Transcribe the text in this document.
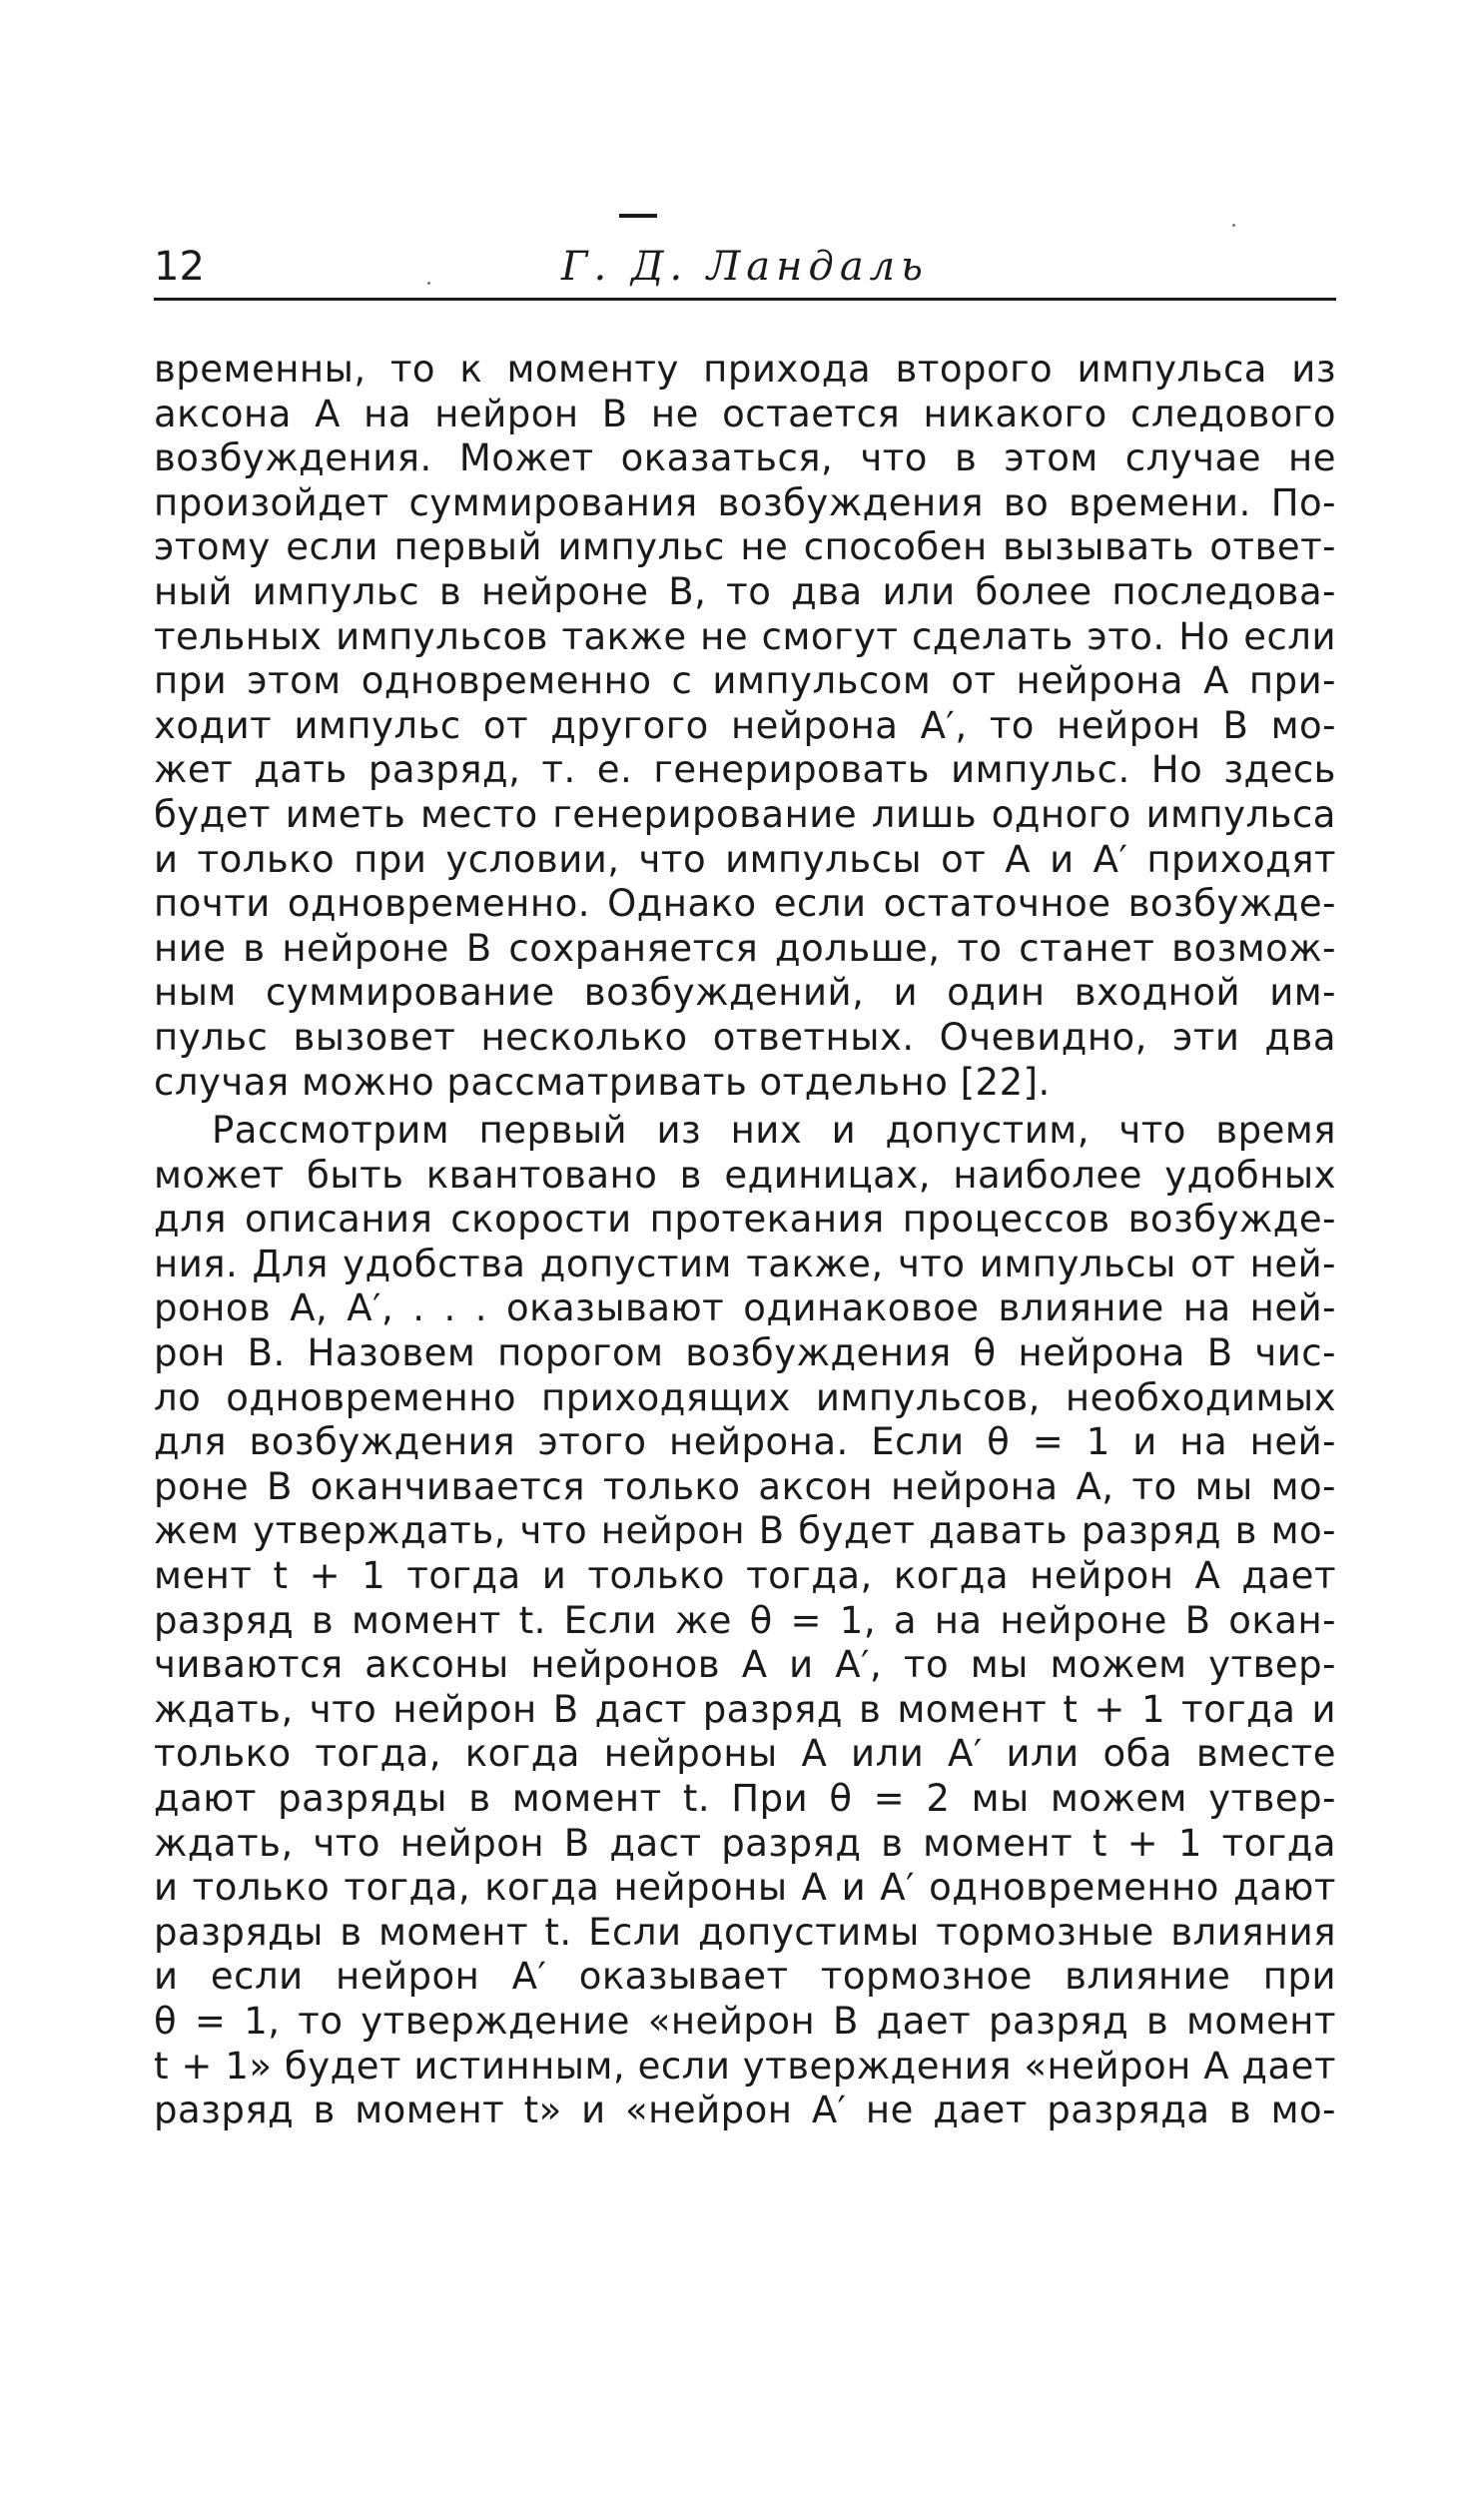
12	Г. Д. Ландаль
временны, то к моменту прихода второго импульса из
аксона A на нейрон B не остается никакого следового
возбуждения. Может оказаться, что в этом случае не
произойдет суммирования возбуждения во времени. По-
этому если первый импульс не способен вызывать ответ-
ный импульс в нейроне B, то два или более последова-
тельных импульсов также не смогут сделать это. Но если
при этом одновременно с импульсом от нейрона A при-
ходит импульс от другого нейрона A′, то нейрон B мо-
жет дать разряд, т. е. генерировать импульс. Но здесь
будет иметь место генерирование лишь одного импульса
и только при условии, что импульсы от A и A′ приходят
почти одновременно. Однако если остаточное возбужде-
ние в нейроне B сохраняется дольше, то станет возмож-
ным суммирование возбуждений, и один входной им-
пульс вызовет несколько ответных. Очевидно, эти два
случая можно рассматривать отдельно [22].
Рассмотрим первый из них и допустим, что время
может быть квантовано в единицах, наиболее удобных
для описания скорости протекания процессов возбужде-
ния. Для удобства допустим также, что импульсы от ней-
ронов A, A′, . . . оказывают одинаковое влияние на ней-
рон B. Назовем порогом возбуждения θ нейрона B чис-
ло одновременно приходящих импульсов, необходимых
для возбуждения этого нейрона. Если θ = 1 и на ней-
роне B оканчивается только аксон нейрона A, то мы мо-
жем утверждать, что нейрон B будет давать разряд в мо-
мент t + 1 тогда и только тогда, когда нейрон A дает
разряд в момент t. Если же θ = 1, а на нейроне B окан-
чиваются аксоны нейронов A и A′, то мы можем утвер-
ждать, что нейрон B даст разряд в момент t + 1 тогда и
только тогда, когда нейроны A или A′ или оба вместе
дают разряды в момент t. При θ = 2 мы можем утвер-
ждать, что нейрон B даст разряд в момент t + 1 тогда
и только тогда, когда нейроны A и A′ одновременно дают
разряды в момент t. Если допустимы тормозные влияния
и если нейрон A′ оказывает тормозное влияние при
θ = 1, то утверждение «нейрон B дает разряд в момент
t + 1» будет истинным, если утверждения «нейрон A дает
разряд в момент t» и «нейрон A′ не дает разряда в мо-
